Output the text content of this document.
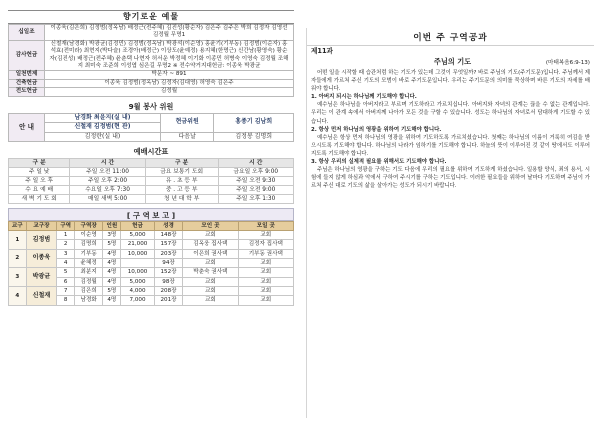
향기로운 예물
십일조	이종욱(김은희) 김정범(정옥남) 배정근(전주혜) 김진성(황순자) 김은주 김주은 박희 김정자 김영선 김정월 무명1
감사헌금	신철재(남경화) 박광균(김정민) 김정범(정옥남) 박광석(이순영) 홍윤기(기부동) 김정범(이순자) 홍석효(전미라) 최현지(박다슬) 조경아(배정근) 이상도(윤예정) 용지혜(한명근) 신간남(황영숙) 황순자(김진성) 배정근(전주혜) 윤춘택 나현자 허서운 박정혜 이기화 이종민 허병숙 이영숙 김정월 조해지 최미숙 조준희 이성엽 심은길 무명2 ※ 전수약거지대헌금: 이종욱 박광균
일천번제	박문자 ~ 891
건축헌금	이종욱 김정범(정옥남) 김정자(김대영) 허영숙 김은주
전도헌금	김정월
9월 봉사 위원
안 내	남경화 최윤지(실 내)	현금위원	홍종기 김남희
	신철재 김정범(현 관)		
	김정란(실 내)	다음날	김정봉 김명희
예배시간표
구 분	시 간	구 분	시 간
주 일 낮	주일 오전 11:00	금요 보통기 도회	금요일 오후 9:00
주 일 오 후	주일 오후 2:00	유 . 초 등 부	주일 오전 9:30
수 요 예 배	수요일 오후 7:30	중 . 고 등 부	주일 오전 9:00
새 벽 기 도 회	매일 새벽 5:00	청 년 대 학 부	주일 오후 1:30
[ 구 역 보 고 ]
교구	교구장	구역	구역장	인원	헌금	성경	모인 곳	모일 곳
1	김정범	1	이순영	3명	5,000	148장	교회	교회
		2	김명희	5명	21,000	157장	김옥웅 집사댁	김정자 집사댁
2	이종욱	3	기부동	4명	10,000	203장	이은희 권사댁	기부동 권사댁
		4	윤혜정	4명		94장	교회	교회
3	박광균	5	최분지	4명	10,000	152장	박춘숙 권사댁	교회
		6	김정월	4명	5,000	98장	교회	교회
4	신철재	7	김은희	5명	4,000	208장	교회	교회
		8	남경화	4명	7,000	201장	교회	교회
이번 주 구역공과
제11과
주님의 기도	(마태복음6:9-13)

어떤 일을 시작할 때 습관처럼 하는 기도가 있는데 그것이 무엇일까? 바로 주님의 기도(주기도문)입니다. 주님께서 제자들에게 가르쳐 주신 기도의 모범이 바로 주기도문입니다. 우리는 주기도문의 의미를 묵상하며 바른 기도의 자세를 배워야 합니다.

1. 아버지 되시는 하나님께 기도해야 합니다.

예수님은 하나님을 아버지라고 부르며 기도하라고 가르치십니다. 아버지와 자녀의 관계는 끊을 수 없는 관계입니다. 우리는 이 관계 속에서 아버지께 나아가 모든 것을 구할 수 있습니다. 성도는 하나님의 자녀로서 담대하게 기도할 수 있습니다.

2. 항상 먼저 하나님의 영광을 위하여 기도해야 합니다.

예수님은 항상 먼저 하나님의 영광을 위하여 기도하도록 가르치셨습니다. 첫째는 하나님의 이름이 거룩히 여김을 받으시도록 기도해야 합니다. 하나님의 나라가 임하기를 기도해야 합니다. 하늘의 뜻이 이루어진 것 같이 땅에서도 이루어지도록 기도해야 합니다.

3. 항상 우리의 실제적 필요를 위해서도 기도해야 합니다.

주님은 하나님의 영광을 구하는 기도 다음에 우리의 필요를 위하여 기도하게 하셨습니다. 일용할 양식, 죄의 용서, 시험에 들지 않게 하심과 악에서 구하여 주시기를 구하는 기도입니다. 이러한 필요들을 위하여 날마다 기도하며 주님이 가르쳐 주신 대로 기도의 삶을 살아가는 성도가 되시기 바랍니다.
